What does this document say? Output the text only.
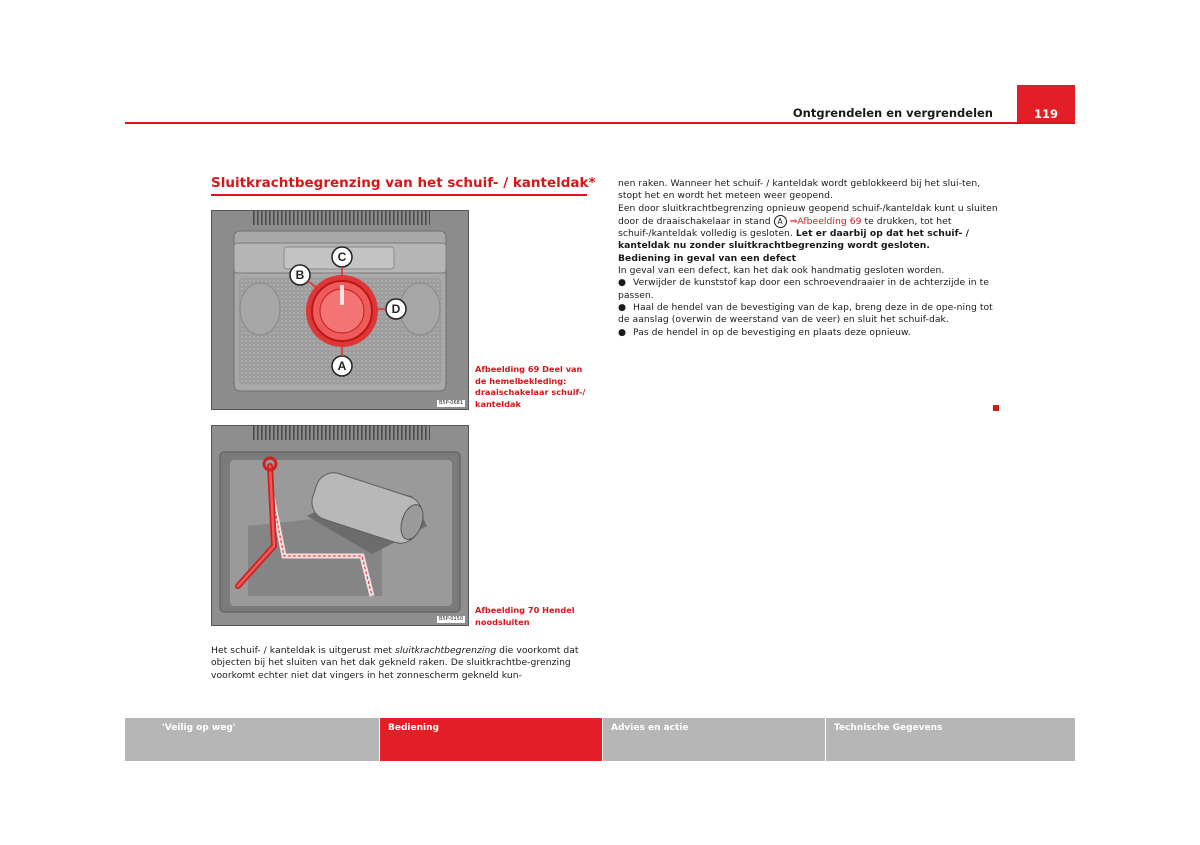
Ontgrendelen en vergrendelen	119
Sluitkrachtbegrenzing van het schuif- / kanteldak*
C
B
D
A
B5P-0681
Afbeelding 69 Deel van de hemelbekleding: draaischakelaar schuif-/ kanteldak
B5P-0150
Afbeelding 70 Hendel noodsluiten

Het schuif- / kanteldak is uitgerust met sluitkrachtbegrenzing die voorkomt dat objecten bij het sluiten van het dak gekneld raken. De sluitkrachtbe-grenzing voorkomt echter niet dat vingers in het zonnescherm gekneld kun-

nen raken. Wanneer het schuif- / kanteldak wordt geblokkeerd bij het slui-ten, stopt het en wordt het meteen weer geopend.

Een door sluitkrachtbegrenzing opnieuw geopend schuif-/kanteldak kunt u sluiten door de draaischakelaar in stand A ⇒Afbeelding 69 te drukken, tot het schuif-/kanteldak volledig is gesloten. Let er daarbij op dat het schuif- / kanteldak nu zonder sluitkrachtbegrenzing wordt gesloten.

Bediening in geval van een defect

In geval van een defect, kan het dak ook handmatig gesloten worden.

● Verwijder de kunststof kap door een schroevendraaier in de achterzijde in te passen.

● Haal de hendel van de bevestiging van de kap, breng deze in de ope-ning tot de aanslag (overwin de weerstand van de veer) en sluit het schuif-dak.

● Pas de hendel in op de bevestiging en plaats deze opnieuw.

'Veilig op weg'	Bediening	Advies en actie	Technische Gegevens
